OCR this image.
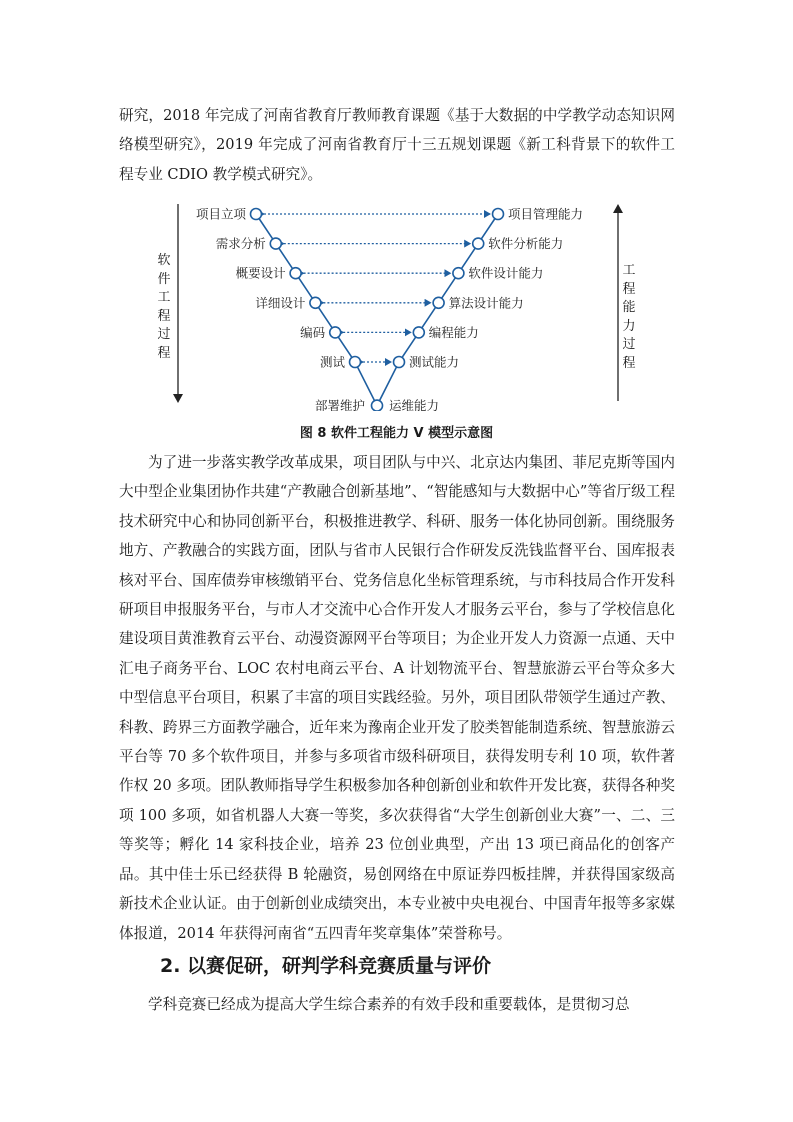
研究，2018 年完成了河南省教育厅教师教育课题《基于大数据的中学教学动态知识网络模型研究》，2019 年完成了河南省教育厅十三五规划课题《新工科背景下的软件工程专业 CDIO 教学模式研究》。

项目立项	项目管理能力
需求分析	软件分析能力
概要设计	软件设计能力
详细设计	算法设计能力
编码	编程能力
测试	测试能力
部署维护 运维能力
软件工程过程
工程能力过程
图 8 软件工程能力 V 模型示意图

为了进一步落实教学改革成果，项目团队与中兴、北京达内集团、菲尼克斯等国内大中型企业集团协作共建“产教融合创新基地”、“智能感知与大数据中心”等省厅级工程技术研究中心和协同创新平台，积极推进教学、科研、服务一体化协同创新。围绕服务地方、产教融合的实践方面，团队与省市人民银行合作研发反洗钱监督平台、国库报表核对平台、国库债券审核缴销平台、党务信息化坐标管理系统，与市科技局合作开发科研项目申报服务平台，与市人才交流中心合作开发人才服务云平台，参与了学校信息化建设项目黄淮教育云平台、动漫资源网平台等项目；为企业开发人力资源一点通、天中汇电子商务平台、LOC 农村电商云平台、A 计划物流平台、智慧旅游云平台等众多大中型信息平台项目，积累了丰富的项目实践经验。另外，项目团队带领学生通过产教、科教、跨界三方面教学融合，近年来为豫南企业开发了胶类智能制造系统、智慧旅游云平台等 70 多个软件项目，并参与多项省市级科研项目，获得发明专利 10 项，软件著作权 20 多项。团队教师指导学生积极参加各种创新创业和软件开发比赛，获得各种奖项 100 多项，如省机器人大赛一等奖，多次获得省“大学生创新创业大赛”一、二、三等奖等；孵化 14 家科技企业，培养 23 位创业典型，产出 13 项已商品化的创客产品。其中佳士乐已经获得 B 轮融资，易创网络在中原证券四板挂牌，并获得国家级高新技术企业认证。由于创新创业成绩突出，本专业被中央电视台、中国青年报等多家媒体报道，2014 年获得河南省“五四青年奖章集体”荣誉称号。

2. 以赛促研，研判学科竞赛质量与评价

学科竞赛已经成为提高大学生综合素养的有效手段和重要载体，是贯彻习总
